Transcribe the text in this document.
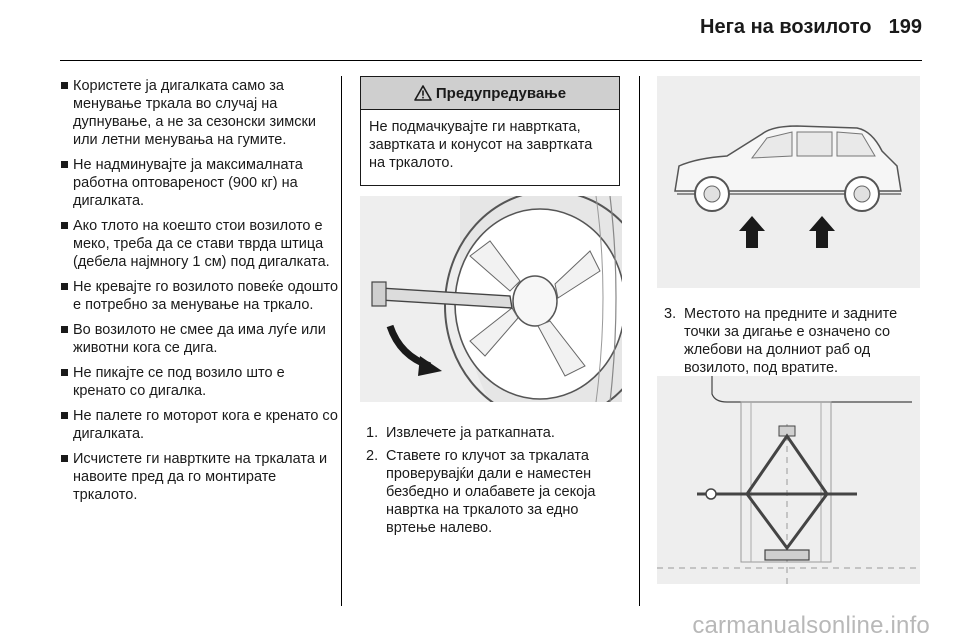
Нега на возилото 199
Користете ја дигалката само за менување тркала во случај на дупнување, а не за сезонски зимски или летни менувања на гумите.
Не надминувајте ја максималната работна оптовареност (900 кг) на дигалката.
Ако тлото на коешто стои возилото е меко, треба да се стави тврда штица (дебела најмногу 1 см) под дигалката.
Не кревајте го возилото повеќе одошто е потребно за менување на тркало.
Во возилото не смее да има луѓе или животни кога се дига.
Не пикајте се под возило што е кренато со дигалка.
Не палете го моторот кога е кренато со дигалката.
Исчистете ги навртките на тркалата и навоите пред да го монтирате тркалото.
Предупредување
Не подмачкувајте ги навртката, завртката и конусот на завртката на тркалото.
1. Извлечете ја раткапната.
2. Ставете го клучот за тркалата проверувајќи дали е наместен безбедно и олабавете ја секоја навртка на тркалото за едно вртење налево.
3. Местото на предните и задните точки за дигање е означено со жлебови на долниот раб од возилото, под вратите.
carmanualsonline.info
